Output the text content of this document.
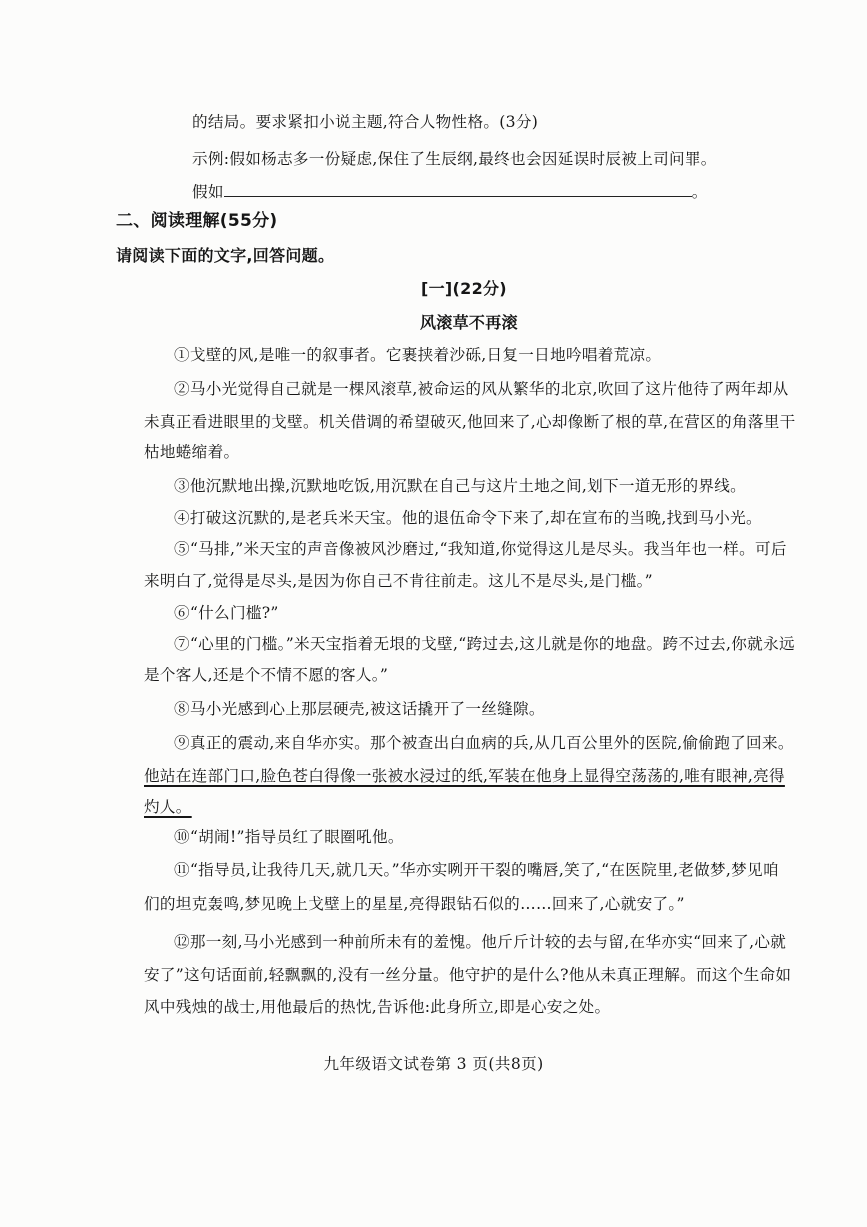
的结局。要求紧扣小说主题,符合人物性格。(3分)
示例:假如杨志多一份疑虑,保住了生辰纲,最终也会因延误时辰被上司问罪。
假如	。
二、阅读理解(55分)
请阅读下面的文字,回答问题。
[一](22分)
风滚草不再滚
①戈壁的风,是唯一的叙事者。它裹挟着沙砾,日复一日地吟唱着荒凉。
②马小光觉得自己就是一棵风滚草,被命运的风从繁华的北京,吹回了这片他待了两年却从
未真正看进眼里的戈壁。机关借调的希望破灭,他回来了,心却像断了根的草,在营区的角落里干
枯地蜷缩着。
③他沉默地出操,沉默地吃饭,用沉默在自己与这片土地之间,划下一道无形的界线。
④打破这沉默的,是老兵米天宝。他的退伍命令下来了,却在宣布的当晚,找到马小光。
⑤“马排,”米天宝的声音像被风沙磨过,“我知道,你觉得这儿是尽头。我当年也一样。可后
来明白了,觉得是尽头,是因为你自己不肯往前走。这儿不是尽头,是门槛。”
⑥“什么门槛?”
⑦“心里的门槛。”米天宝指着无垠的戈壁,“跨过去,这儿就是你的地盘。跨不过去,你就永远
是个客人,还是个不情不愿的客人。”
⑧马小光感到心上那层硬壳,被这话撬开了一丝缝隙。
⑨真正的震动,来自华亦实。那个被查出白血病的兵,从几百公里外的医院,偷偷跑了回来。
他站在连部门口,脸色苍白得像一张被水浸过的纸,军装在他身上显得空荡荡的,唯有眼神,亮得
灼人。
⑩“胡闹!”指导员红了眼圈吼他。
⑪“指导员,让我待几天,就几天。”华亦实咧开干裂的嘴唇,笑了,“在医院里,老做梦,梦见咱
们的坦克轰鸣,梦见晚上戈壁上的星星,亮得跟钻石似的……回来了,心就安了。”
⑫那一刻,马小光感到一种前所未有的羞愧。他斤斤计较的去与留,在华亦实“回来了,心就
安了”这句话面前,轻飘飘的,没有一丝分量。他守护的是什么?他从未真正理解。而这个生命如
风中残烛的战士,用他最后的热忱,告诉他:此身所立,即是心安之处。
九年级语文试卷第 3 页(共8页)
